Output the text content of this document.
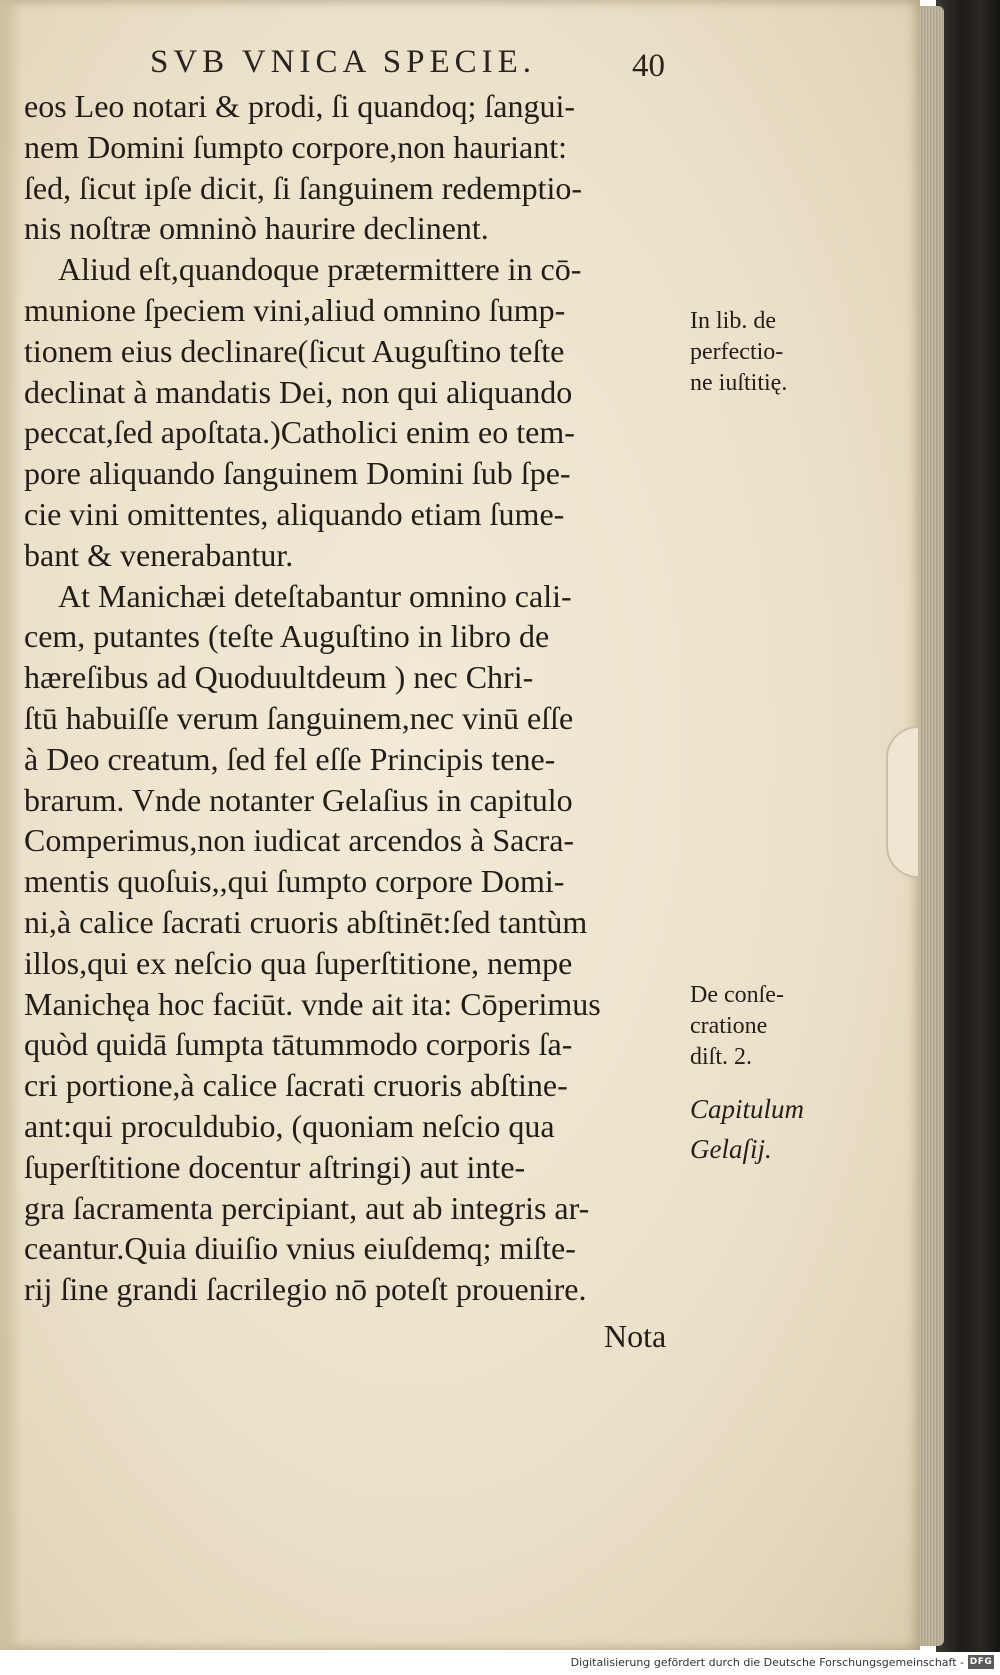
SVB VNICA SPECIE.	40
eos Leo notari & prodi, ſi quandoq; ſangui-
nem Domini ſumpto corpore,non hauriant:
ſed, ſicut ipſe dicit, ſi ſanguinem redemptio-
nis noſtræ omninò haurire declinent.
Aliud eſt,quandoque prætermittere in cō-
munione ſpeciem vini,aliud omnino ſump-
tionem eius declinare(ſicut Auguſtino teſte
declinat à mandatis Dei, non qui aliquando
peccat,ſed apoſtata.)Catholici enim eo tem-
pore aliquando ſanguinem Domini ſub ſpe-
cie vini omittentes, aliquando etiam ſume-
bant & venerabantur.
At Manichæi deteſtabantur omnino cali-
cem, putantes (teſte Auguſtino in libro de
hæreſibus ad Quoduultdeum ) nec Chri-
ſtū habuiſſe verum ſanguinem,nec vinū eſſe
à Deo creatum, ſed fel eſſe Principis tene-
brarum. Vnde notanter Gelaſius in capitulo
Comperimus,non iudicat arcendos à Sacra-
mentis quoſuis,,qui ſumpto corpore Domi-
ni,à calice ſacrati cruoris abſtinēt:ſed tantùm
illos,qui ex neſcio qua ſuperſtitione, nempe
Manichęa hoc faciūt. vnde ait ita: Cōperimus
quòd quidā ſumpta tātummodo corporis ſa-
cri portione,à calice ſacrati cruoris abſtine-
ant:qui proculdubio, (quoniam neſcio qua
ſuperſtitione docentur aſtringi) aut inte-
gra ſacramenta percipiant, aut ab integris ar-
ceantur.Quia diuiſio vnius eiuſdemq; miſte-
rij ſine grandi ſacrilegio nō poteſt prouenire.
Nota
In lib. de
perfectio-
ne iuſtitię.
De conſe-
cratione
diſt. 2.
Capitulum
Gelaſij.
Digitalisierung gefördert durch die Deutsche Forschungsgemeinschaft - DFG
